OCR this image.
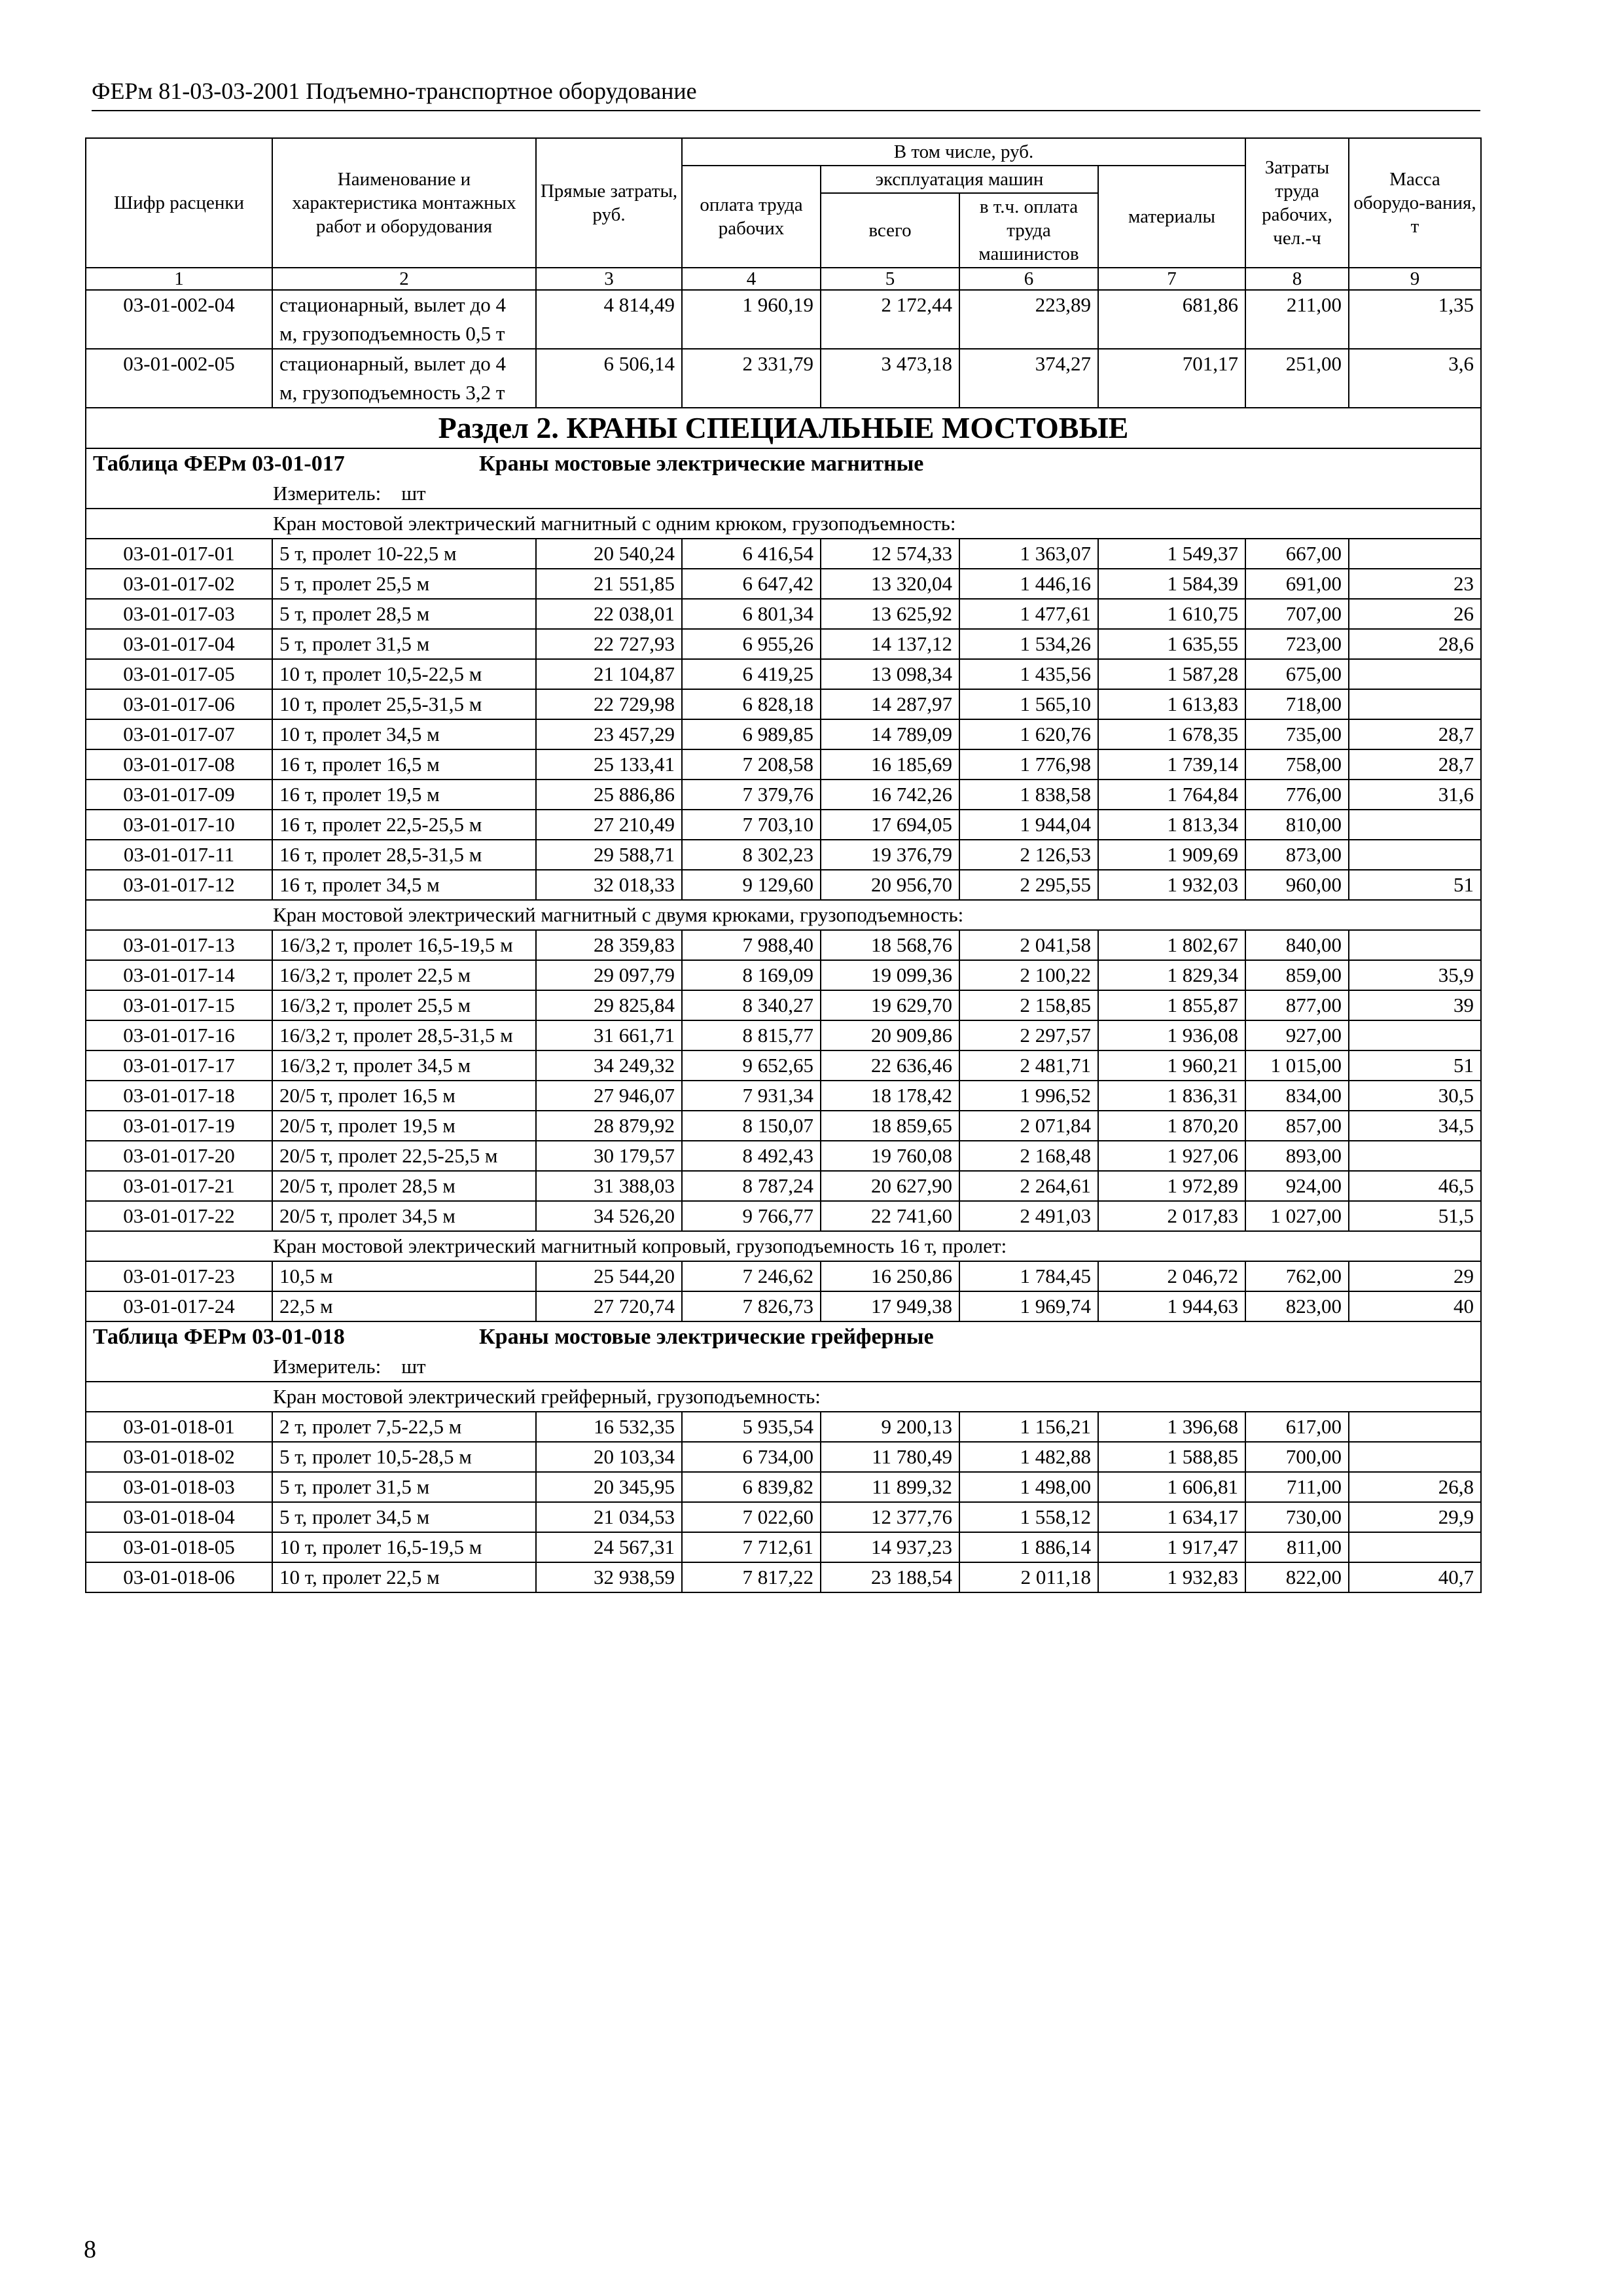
ФЕРм 81-03-03-2001 Подъемно-транспортное оборудование
Шифр расценки	Наименование и характеристика монтажных работ и оборудования	Прямые затраты, руб.	В том числе, руб.				Затраты труда рабочих, чел.-ч	Масса оборудо-вания, т
			оплата труда рабочих	эксплуатация машин		материалы		
				всего	в т.ч. оплата труда машинистов			
1	2	3	4	5	6	7	8	9
03-01-002-04	стационарный, вылет до 4 м, грузоподъемность 0,5 т	4 814,49	1 960,19	2 172,44	223,89	681,86	211,00	1,35
03-01-002-05	стационарный, вылет до 4 м, грузоподъемность 3,2 т	6 506,14	2 331,79	3 473,18	374,27	701,17	251,00	3,6
Раздел 2. КРАНЫ СПЕЦИАЛЬНЫЕ МОСТОВЫЕ								
Таблица ФЕРм 03-01-017 Краны мостовые электрические магнитные								
Измеритель: шт								
Кран мостовой электрический магнитный с одним крюком, грузоподъемность:								
03-01-017-01	5 т, пролет 10-22,5 м	20 540,24	6 416,54	12 574,33	1 363,07	1 549,37	667,00	
03-01-017-02	5 т, пролет 25,5 м	21 551,85	6 647,42	13 320,04	1 446,16	1 584,39	691,00	23
03-01-017-03	5 т, пролет 28,5 м	22 038,01	6 801,34	13 625,92	1 477,61	1 610,75	707,00	26
03-01-017-04	5 т, пролет 31,5 м	22 727,93	6 955,26	14 137,12	1 534,26	1 635,55	723,00	28,6
03-01-017-05	10 т, пролет 10,5-22,5 м	21 104,87	6 419,25	13 098,34	1 435,56	1 587,28	675,00	
03-01-017-06	10 т, пролет 25,5-31,5 м	22 729,98	6 828,18	14 287,97	1 565,10	1 613,83	718,00	
03-01-017-07	10 т, пролет 34,5 м	23 457,29	6 989,85	14 789,09	1 620,76	1 678,35	735,00	28,7
03-01-017-08	16 т, пролет 16,5 м	25 133,41	7 208,58	16 185,69	1 776,98	1 739,14	758,00	28,7
03-01-017-09	16 т, пролет 19,5 м	25 886,86	7 379,76	16 742,26	1 838,58	1 764,84	776,00	31,6
03-01-017-10	16 т, пролет 22,5-25,5 м	27 210,49	7 703,10	17 694,05	1 944,04	1 813,34	810,00	
03-01-017-11	16 т, пролет 28,5-31,5 м	29 588,71	8 302,23	19 376,79	2 126,53	1 909,69	873,00	
03-01-017-12	16 т, пролет 34,5 м	32 018,33	9 129,60	20 956,70	2 295,55	1 932,03	960,00	51
Кран мостовой электрический магнитный с двумя крюками, грузоподъемность:								
03-01-017-13	16/3,2 т, пролет 16,5-19,5 м	28 359,83	7 988,40	18 568,76	2 041,58	1 802,67	840,00	
03-01-017-14	16/3,2 т, пролет 22,5 м	29 097,79	8 169,09	19 099,36	2 100,22	1 829,34	859,00	35,9
03-01-017-15	16/3,2 т, пролет 25,5 м	29 825,84	8 340,27	19 629,70	2 158,85	1 855,87	877,00	39
03-01-017-16	16/3,2 т, пролет 28,5-31,5 м	31 661,71	8 815,77	20 909,86	2 297,57	1 936,08	927,00	
03-01-017-17	16/3,2 т, пролет 34,5 м	34 249,32	9 652,65	22 636,46	2 481,71	1 960,21	1 015,00	51
03-01-017-18	20/5 т, пролет 16,5 м	27 946,07	7 931,34	18 178,42	1 996,52	1 836,31	834,00	30,5
03-01-017-19	20/5 т, пролет 19,5 м	28 879,92	8 150,07	18 859,65	2 071,84	1 870,20	857,00	34,5
03-01-017-20	20/5 т, пролет 22,5-25,5 м	30 179,57	8 492,43	19 760,08	2 168,48	1 927,06	893,00	
03-01-017-21	20/5 т, пролет 28,5 м	31 388,03	8 787,24	20 627,90	2 264,61	1 972,89	924,00	46,5
03-01-017-22	20/5 т, пролет 34,5 м	34 526,20	9 766,77	22 741,60	2 491,03	2 017,83	1 027,00	51,5
Кран мостовой электрический магнитный копровый, грузоподъемность 16 т, пролет:								
03-01-017-23	10,5 м	25 544,20	7 246,62	16 250,86	1 784,45	2 046,72	762,00	29
03-01-017-24	22,5 м	27 720,74	7 826,73	17 949,38	1 969,74	1 944,63	823,00	40
Таблица ФЕРм 03-01-018 Краны мостовые электрические грейферные								
Измеритель: шт								
Кран мостовой электрический грейферный, грузоподъемность:								
03-01-018-01	2 т, пролет 7,5-22,5 м	16 532,35	5 935,54	9 200,13	1 156,21	1 396,68	617,00	
03-01-018-02	5 т, пролет 10,5-28,5 м	20 103,34	6 734,00	11 780,49	1 482,88	1 588,85	700,00	
03-01-018-03	5 т, пролет 31,5 м	20 345,95	6 839,82	11 899,32	1 498,00	1 606,81	711,00	26,8
03-01-018-04	5 т, пролет 34,5 м	21 034,53	7 022,60	12 377,76	1 558,12	1 634,17	730,00	29,9
03-01-018-05	10 т, пролет 16,5-19,5 м	24 567,31	7 712,61	14 937,23	1 886,14	1 917,47	811,00	
03-01-018-06	10 т, пролет 22,5 м	32 938,59	7 817,22	23 188,54	2 011,18	1 932,83	822,00	40,7
8
